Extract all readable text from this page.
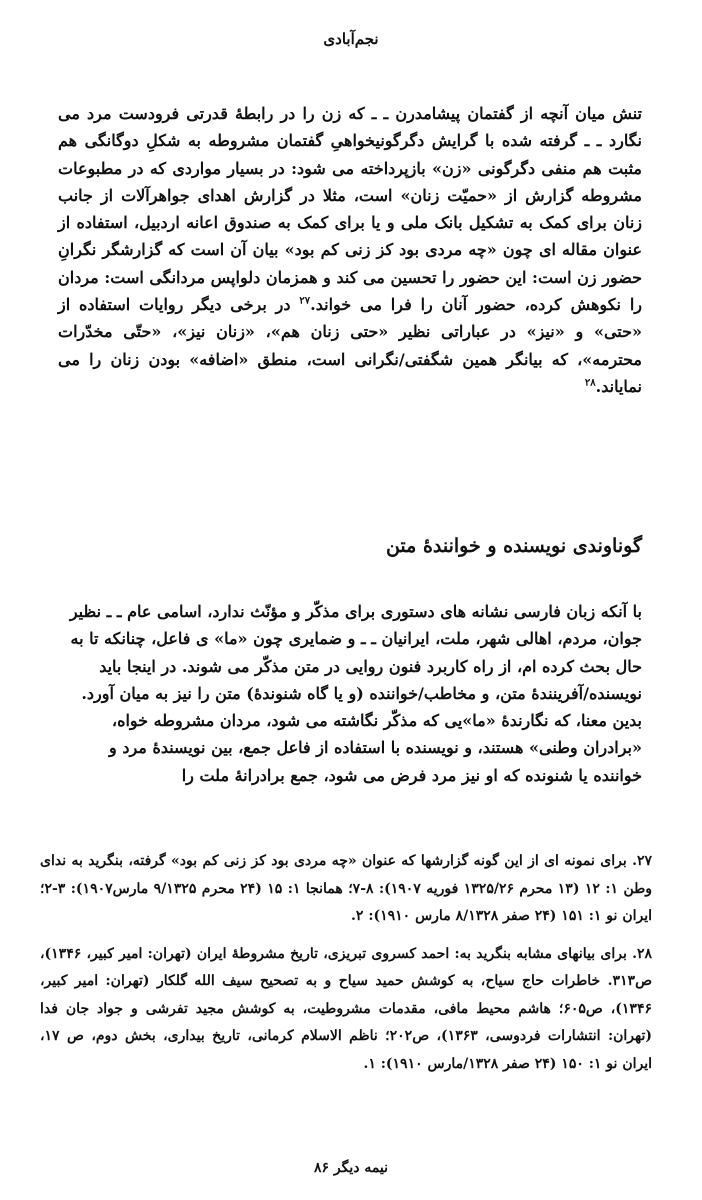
نجم‌آبادی

تنش میان آنچه از گفتمان پیشامدرن ـ ـ که زن را در رابطهٔ قدرتی فرودست مرد می نگارد ـ ـ گرفته شده با گرایش دگرگونیخواهیِ گفتمان مشروطه به شکلِ دوگانگی هم مثبت هم منفی دگرگونی «زن» بازپرداخته می شود: در بسیار مواردی که در مطبوعات مشروطه گزارش از «حمیّت زنان» است، مثلا در گزارش اهدای جواهرآلات از جانب زنان برای کمک به تشکیل بانک ملی و یا برای کمک به صندوق اعانه اردبیل، استفاده از عنوان مقاله ای چون «چه مردی بود کز زنی کم بود» بیان آن است که گزارشگر نگرانِ حضور زن است: این حضور را تحسین می کند و همزمان دلواپس مردانگی است: مردان را نکوهش کرده، حضور آنان را فرا می خواند.$^{۲۷}$ در برخی دیگر روایات استفاده از «حتی» و «نیز» در عباراتی نظیر «حتی زنان هم»، «زنان نیز»، «حتّی مخدّرات محترمه»، که بیانگر همین شگفتی/نگرانی است، منطق «اضافه» بودن زنان را می نمایاند.$^{۲۸}$

گوناوندی نویسنده و خوانندهٔ متن

با آنکه زبان فارسی نشانه های دستوری برای مذکّر و مؤنّث ندارد، اسامی عام ـ ـ نظیر جوان، مردم، اهالی شهر، ملت، ایرانیان ـ ـ و ضمایری چون «ما» ی فاعل، چنانکه تا به حال بحث کرده ام، از راه کاربرد فنون روایی در متن مذکّر می شوند. در اینجا باید نویسنده/آفرینندهٔ متن، و مخاطب/خواننده (و یا گاه شنوندهٔ) متن را نیز به میان آورد. بدین معنا، که نگارندهٔ «ما»یی که مذکّر نگاشته می شود، مردان مشروطه خواه، «برادران وطنی» هستند، و نویسنده با استفاده از فاعل جمع، بین نویسندهٔ مرد و خواننده یا شنونده که او نیز مرد فرض می شود، جمع برادرانهٔ ملت را

۲۷. برای نمونه ای از این گونه گزارشها که عنوان «چه مردی بود کز زنی کم بود» گرفته، بنگرید به ندای وطن ۱: ۱۲ (۱۳ محرم ۱۳۲۵/۲۶ فوریه ۱۹۰۷): ۸-۷؛ همانجا ۱: ۱۵ (۲۴ محرم ۹/۱۳۲۵ مارس۱۹۰۷): ۳-۲؛ ایران نو ۱: ۱۵۱ (۲۴ صفر ۸/۱۳۲۸ مارس ۱۹۱۰): ۲.

۲۸. برای بیانهای مشابه بنگرید به: احمد کسروی تبریزی، تاریخ مشروطهٔ ایران (تهران: امیر کبیر، ۱۳۴۶)، ص۳۱۳. خاطرات حاج سیاح، به کوشش حمید سیاح و به تصحیح سیف الله گلکار (تهران: امیر کبیر، ۱۳۴۶)، ص۶۰۵؛ هاشم محیط مافی، مقدمات مشروطیت، به کوشش مجید تفرشی و جواد جان فدا (تهران: انتشارات فردوسی، ۱۳۶۳)، ص۲۰۲؛ ناظم الاسلام کرمانی، تاریخ بیداری، بخش دوم، ص ۱۷، ایران نو ۱: ۱۵۰ (۲۴ صفر ۱۳۲۸/مارس ۱۹۱۰): ۱.

نیمه دیگر ۸۶
